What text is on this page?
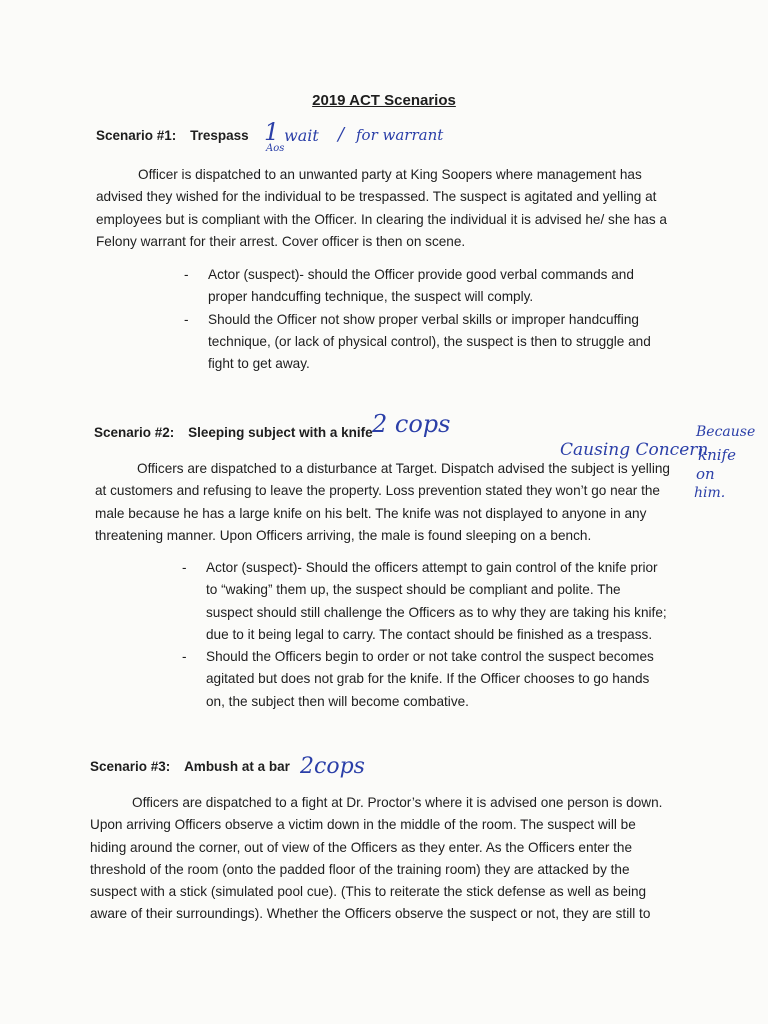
2019 ACT Scenarios
Scenario #1: Trespass 1 wait / for warrant
Aos

Officer is dispatched to an unwanted party at King Soopers where management has
advised they wished for the individual to be trespassed. The suspect is agitated and yelling at
employees but is compliant with the Officer. In clearing the individual it is advised he/ she has a
Felony warrant for their arrest. Cover officer is then on scene.

- Actor (suspect)- should the Officer provide good verbal commands and
proper handcuffing technique, the suspect will comply.
- Should the Officer not show proper verbal skills or improper handcuffing
technique, (or lack of physical control), the suspect is then to struggle and
fight to get away.
Scenario #2: Sleeping subject with a knife 2 cops
Causing Concern
Because
knife
on
him.

Officers are dispatched to a disturbance at Target. Dispatch advised the subject is yelling
at customers and refusing to leave the property. Loss prevention stated they won’t go near the
male because he has a large knife on his belt. The knife was not displayed to anyone in any
threatening manner. Upon Officers arriving, the male is found sleeping on a bench.

- Actor (suspect)- Should the officers attempt to gain control of the knife prior
to “waking” them up, the suspect should be compliant and polite. The
suspect should still challenge the Officers as to why they are taking his knife;
due to it being legal to carry. The contact should be finished as a trespass.
- Should the Officers begin to order or not take control the suspect becomes
agitated but does not grab for the knife. If the Officer chooses to go hands
on, the subject then will become combative.
Scenario #3: Ambush at a bar 2cops

Officers are dispatched to a fight at Dr. Proctor’s where it is advised one person is down.
Upon arriving Officers observe a victim down in the middle of the room. The suspect will be
hiding around the corner, out of view of the Officers as they enter. As the Officers enter the
threshold of the room (onto the padded floor of the training room) they are attacked by the
suspect with a stick (simulated pool cue). (This to reiterate the stick defense as well as being
aware of their surroundings). Whether the Officers observe the suspect or not, they are still to
